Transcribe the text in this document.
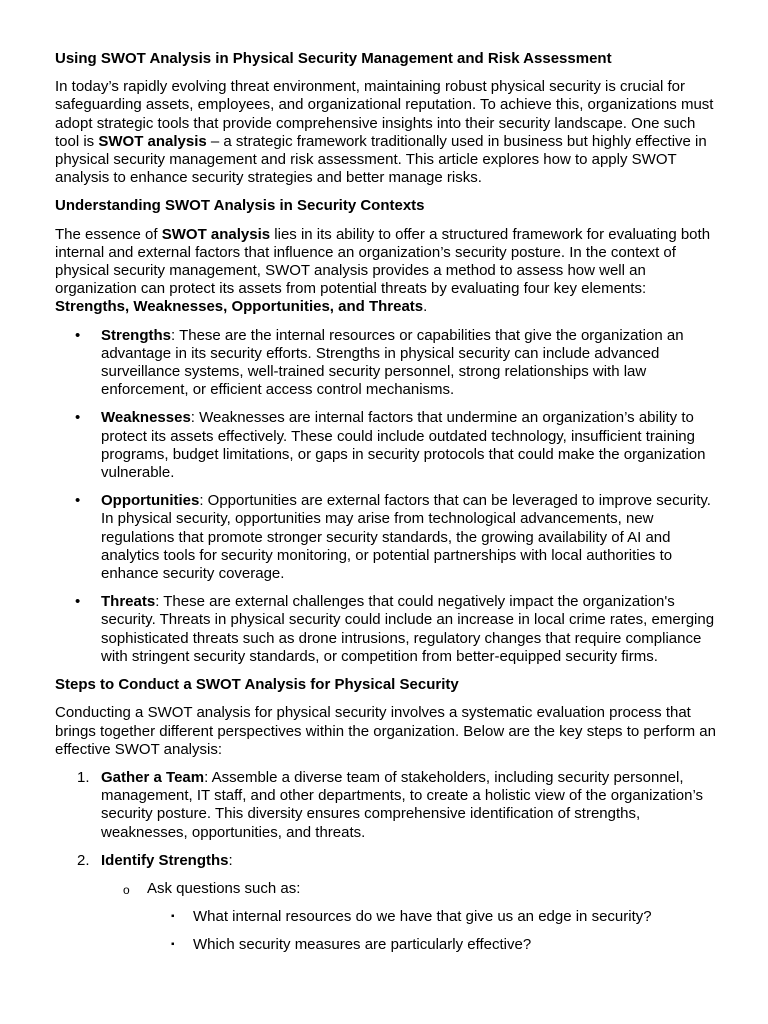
Using SWOT Analysis in Physical Security Management and Risk Assessment

In today’s rapidly evolving threat environment, maintaining robust physical security is crucial for safeguarding assets, employees, and organizational reputation. To achieve this, organizations must adopt strategic tools that provide comprehensive insights into their security landscape. One such tool is SWOT analysis – a strategic framework traditionally used in business but highly effective in physical security management and risk assessment. This article explores how to apply SWOT analysis to enhance security strategies and better manage risks.

Understanding SWOT Analysis in Security Contexts

The essence of SWOT analysis lies in its ability to offer a structured framework for evaluating both internal and external factors that influence an organization’s security posture. In the context of physical security management, SWOT analysis provides a method to assess how well an organization can protect its assets from potential threats by evaluating four key elements: Strengths, Weaknesses, Opportunities, and Threats.

• Strengths: These are the internal resources or capabilities that give the organization an advantage in its security efforts. Strengths in physical security can include advanced surveillance systems, well-trained security personnel, strong relationships with law enforcement, or efficient access control mechanisms.
• Weaknesses: Weaknesses are internal factors that undermine an organization’s ability to protect its assets effectively. These could include outdated technology, insufficient training programs, budget limitations, or gaps in security protocols that could make the organization vulnerable.
• Opportunities: Opportunities are external factors that can be leveraged to improve security. In physical security, opportunities may arise from technological advancements, new regulations that promote stronger security standards, the growing availability of AI and analytics tools for security monitoring, or potential partnerships with local authorities to enhance security coverage.
• Threats: These are external challenges that could negatively impact the organization's security. Threats in physical security could include an increase in local crime rates, emerging sophisticated threats such as drone intrusions, regulatory changes that require compliance with stringent security standards, or competition from better-equipped security firms.
Steps to Conduct a SWOT Analysis for Physical Security

Conducting a SWOT analysis for physical security involves a systematic evaluation process that brings together different perspectives within the organization. Below are the key steps to perform an effective SWOT analysis:

1. Gather a Team: Assemble a diverse team of stakeholders, including security personnel, management, IT staff, and other departments, to create a holistic view of the organization’s security posture. This diversity ensures comprehensive identification of strengths, weaknesses, opportunities, and threats.
2. Identify Strengths:
o Ask questions such as:
▪ What internal resources do we have that give us an edge in security?
▪ Which security measures are particularly effective?
